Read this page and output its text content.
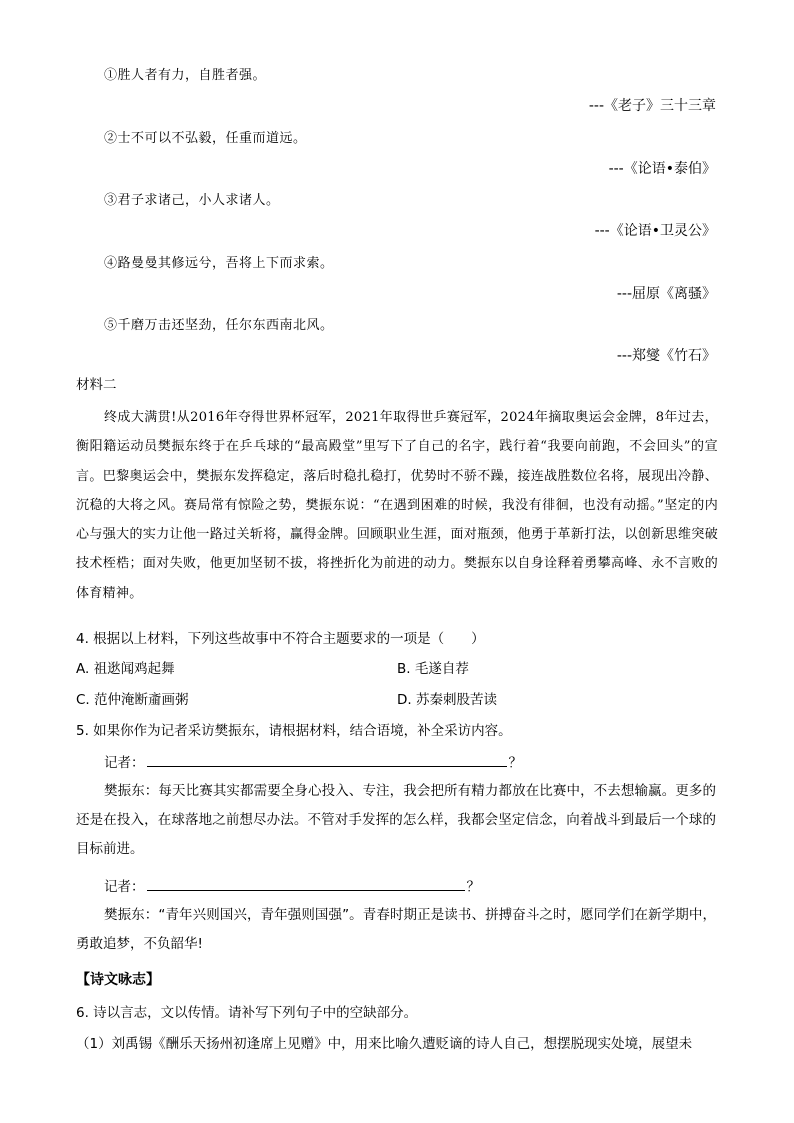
①胜人者有力，自胜者强。
---《老子》三十三章
②士不可以不弘毅，任重而道远。
---《论语•泰伯》
③君子求诸己，小人求诸人。
---《论语•卫灵公》
④路曼曼其修远兮，吾将上下而求索。
---屈原《离骚》
⑤千磨万击还坚劲，任尔东西南北风。
---郑燮《竹石》
材料二

终成大满贯!从2016年夺得世界杯冠军，2021年取得世乒赛冠军，2024年摘取奥运会金牌，8年过去，衡阳籍运动员樊振东终于在乒乓球的“最高殿堂”里写下了自己的名字，践行着“我要向前跑，不会回头”的宣言。巴黎奥运会中，樊振东发挥稳定，落后时稳扎稳打，优势时不骄不躁，接连战胜数位名将，展现出冷静、沉稳的大将之风。赛局常有惊险之势，樊振东说：“在遇到困难的时候，我没有徘徊，也没有动摇。”坚定的内心与强大的实力让他一路过关斩将，赢得金牌。回顾职业生涯，面对瓶颈，他勇于革新打法，以创新思维突破技术桎梏；面对失败，他更加坚韧不拔，将挫折化为前进的动力。樊振东以自身诠释着勇攀高峰、永不言败的体育精神。

4. 根据以上材料，下列这些故事中不符合主题要求的一项是（　　）
A. 祖逖闻鸡起舞	B. 毛遂自荐
C. 范仲淹断齑画粥	D. 苏秦刺股苦读
5. 如果你作为记者采访樊振东，请根据材料，结合语境，补全采访内容。
记者：	？

樊振东：每天比赛其实都需要全身心投入、专注，我会把所有精力都放在比赛中，不去想输赢。更多的还是在投入，在球落地之前想尽办法。不管对手发挥的怎么样，我都会坚定信念，向着战斗到最后一个球的目标前进。

记者：	？

樊振东：“青年兴则国兴，青年强则国强”。青春时期正是读书、拼搏奋斗之时，愿同学们在新学期中，勇敢追梦，不负韶华!

【诗文咏志】
6. 诗以言志，文以传情。请补写下列句子中的空缺部分。
（1）刘禹锡《酬乐天扬州初逢席上见赠》中，用来比喻久遭贬谪的诗人自己，想摆脱现实处境，展望未
